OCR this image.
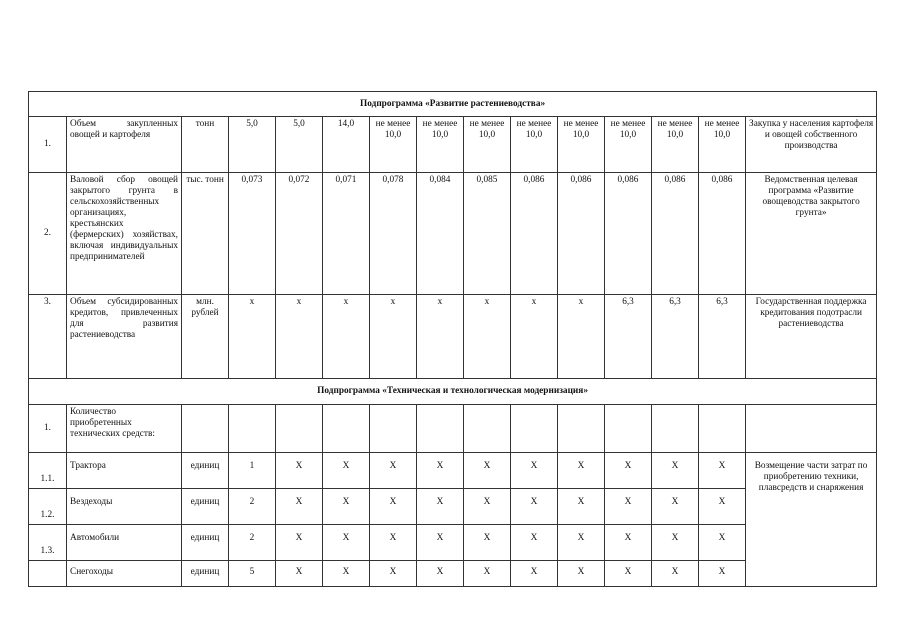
Подпрограмма «Развитие растениеводства»														
1.	Объем закупленных овощей и картофеля	тонн	5,0	5,0	14,0	не менее 10,0	не менее 10,0	не менее 10,0	не менее 10,0	не менее 10,0	не менее 10,0	не менее 10,0	не менее 10,0	Закупка у населения картофеля и овощей собственного производства
2.	Валовой сбор овощей закрытого грунта в сельскохозяйственных организациях, крестьянских (фермерских) хозяйствах, включая индивидуальных предпринимателей	тыс. тонн	0,073	0,072	0,071	0,078	0,084	0,085	0,086	0,086	0,086	0,086	0,086	Ведомственная целевая программа «Развитие овощеводства закрытого грунта»
3.	Объем субсидированных кредитов, привлеченных для развития растениеводства	млн. рублей	x	x	x	x	x	x	x	x	6,3	6,3	6,3	Государственная поддержка кредитования подотрасли растениеводства
Подпрограмма «Техническая и технологическая модернизация»														
1.	Количество приобретенных технических средств:													
1.1.	Трактора	единиц	1	X	X	X	X	X	X	X	X	X	X	Возмещение части затрат по приобретению техники, плавсредств и снаряжения
1.2.	Вездеходы	единиц	2	X	X	X	X	X	X	X	X	X	X	
1.3.	Автомобили	единиц	2	X	X	X	X	X	X	X	X	X	X	
	Снегоходы	единиц	5	X	X	X	X	X	X	X	X	X	X	
